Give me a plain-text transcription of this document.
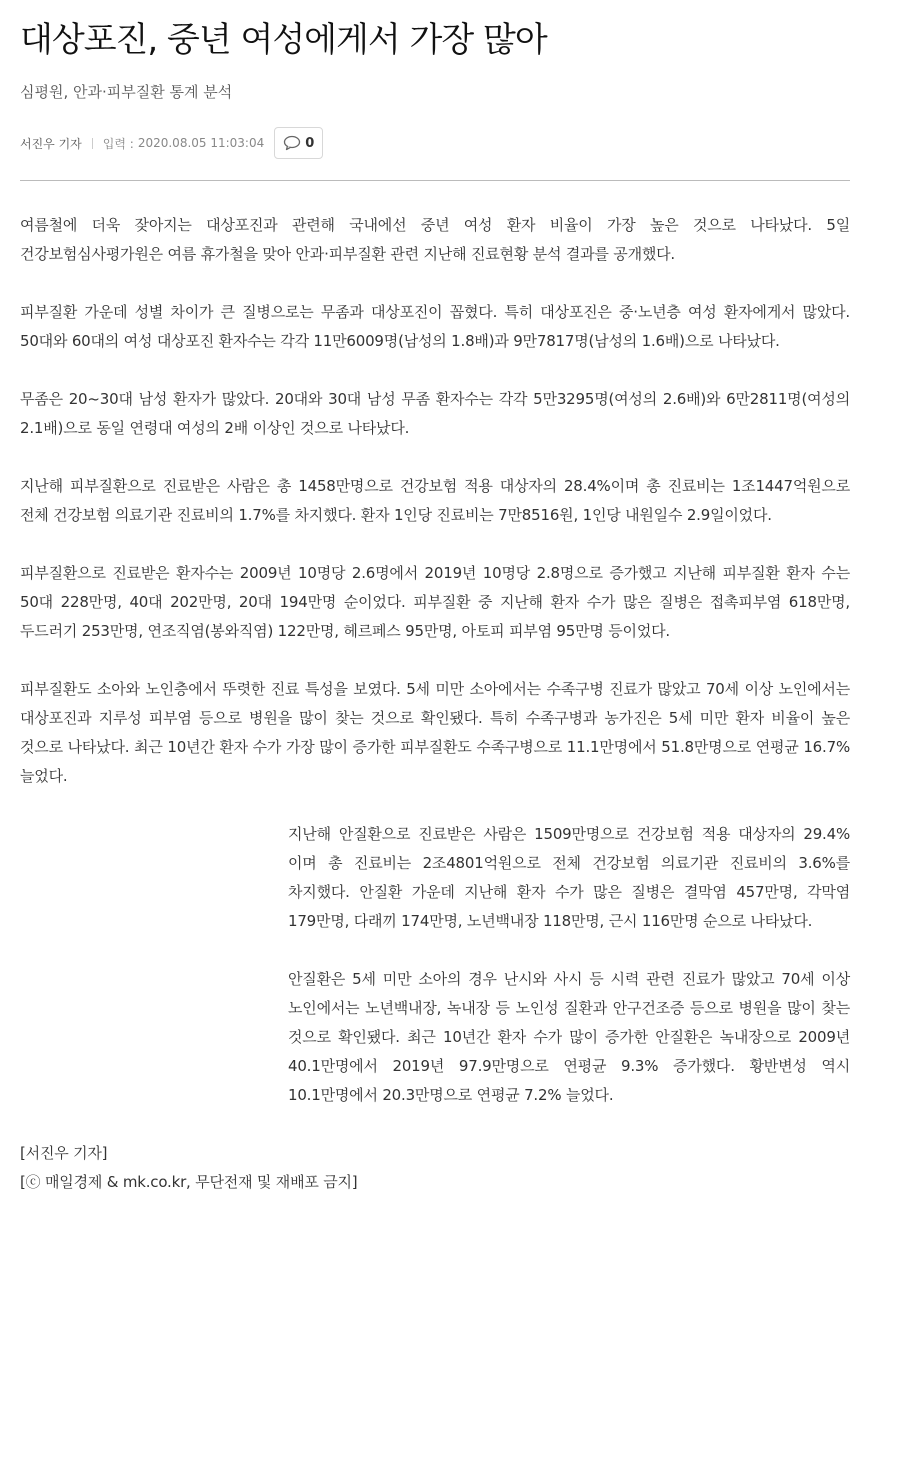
대상포진, 중년 여성에게서 가장 많아
심평원, 안과·피부질환 통계 분석
서진우 기자 입력 : 2020.08.05 11:03:04	0

여름철에 더욱 잦아지는 대상포진과 관련해 국내에선 중년 여성 환자 비율이 가장 높은 것으로 나타났다. 5일 건강보험심사평가원은 여름 휴가철을 맞아 안과·피부질환 관련 지난해 진료현황 분석 결과를 공개했다.

피부질환 가운데 성별 차이가 큰 질병으로는 무좀과 대상포진이 꼽혔다. 특히 대상포진은 중·노년층 여성 환자에게서 많았다. 50대와 60대의 여성 대상포진 환자수는 각각 11만6009명(남성의 1.8배)과 9만7817명(남성의 1.6배)으로 나타났다.

무좀은 20~30대 남성 환자가 많았다. 20대와 30대 남성 무좀 환자수는 각각 5만3295명(여성의 2.6배)와 6만2811명(여성의 2.1배)으로 동일 연령대 여성의 2배 이상인 것으로 나타났다.

지난해 피부질환으로 진료받은 사람은 총 1458만명으로 건강보험 적용 대상자의 28.4%이며 총 진료비는 1조1447억원으로 전체 건강보험 의료기관 진료비의 1.7%를 차지했다. 환자 1인당 진료비는 7만8516원, 1인당 내원일수 2.9일이었다.

피부질환으로 진료받은 환자수는 2009년 10명당 2.6명에서 2019년 10명당 2.8명으로 증가했고 지난해 피부질환 환자 수는 50대 228만명, 40대 202만명, 20대 194만명 순이었다. 피부질환 중 지난해 환자 수가 많은 질병은 접촉피부염 618만명, 두드러기 253만명, 연조직염(봉와직염) 122만명, 헤르페스 95만명, 아토피 피부염 95만명 등이었다.

피부질환도 소아와 노인층에서 뚜렷한 진료 특성을 보였다. 5세 미만 소아에서는 수족구병 진료가 많았고 70세 이상 노인에서는 대상포진과 지루성 피부염 등으로 병원을 많이 찾는 것으로 확인됐다. 특히 수족구병과 농가진은 5세 미만 환자 비율이 높은 것으로 나타났다. 최근 10년간 환자 수가 가장 많이 증가한 피부질환도 수족구병으로 11.1만명에서 51.8만명으로 연평균 16.7% 늘었다.

지난해 안질환으로 진료받은 사람은 1509만명으로 건강보험 적용 대상자의 29.4%이며 총 진료비는 2조4801억원으로 전체 건강보험 의료기관 진료비의 3.6%를 차지했다. 안질환 가운데 지난해 환자 수가 많은 질병은 결막염 457만명, 각막염 179만명, 다래끼 174만명, 노년백내장 118만명, 근시 116만명 순으로 나타났다.

안질환은 5세 미만 소아의 경우 난시와 사시 등 시력 관련 진료가 많았고 70세 이상 노인에서는 노년백내장, 녹내장 등 노인성 질환과 안구건조증 등으로 병원을 많이 찾는 것으로 확인됐다. 최근 10년간 환자 수가 많이 증가한 안질환은 녹내장으로 2009년 40.1만명에서 2019년 97.9만명으로 연평균 9.3% 증가했다. 황반변성 역시 10.1만명에서 20.3만명으로 연평균 7.2% 늘었다.

[서진우 기자]
[ⓒ 매일경제 & mk.co.kr, 무단전재 및 재배포 금지]
